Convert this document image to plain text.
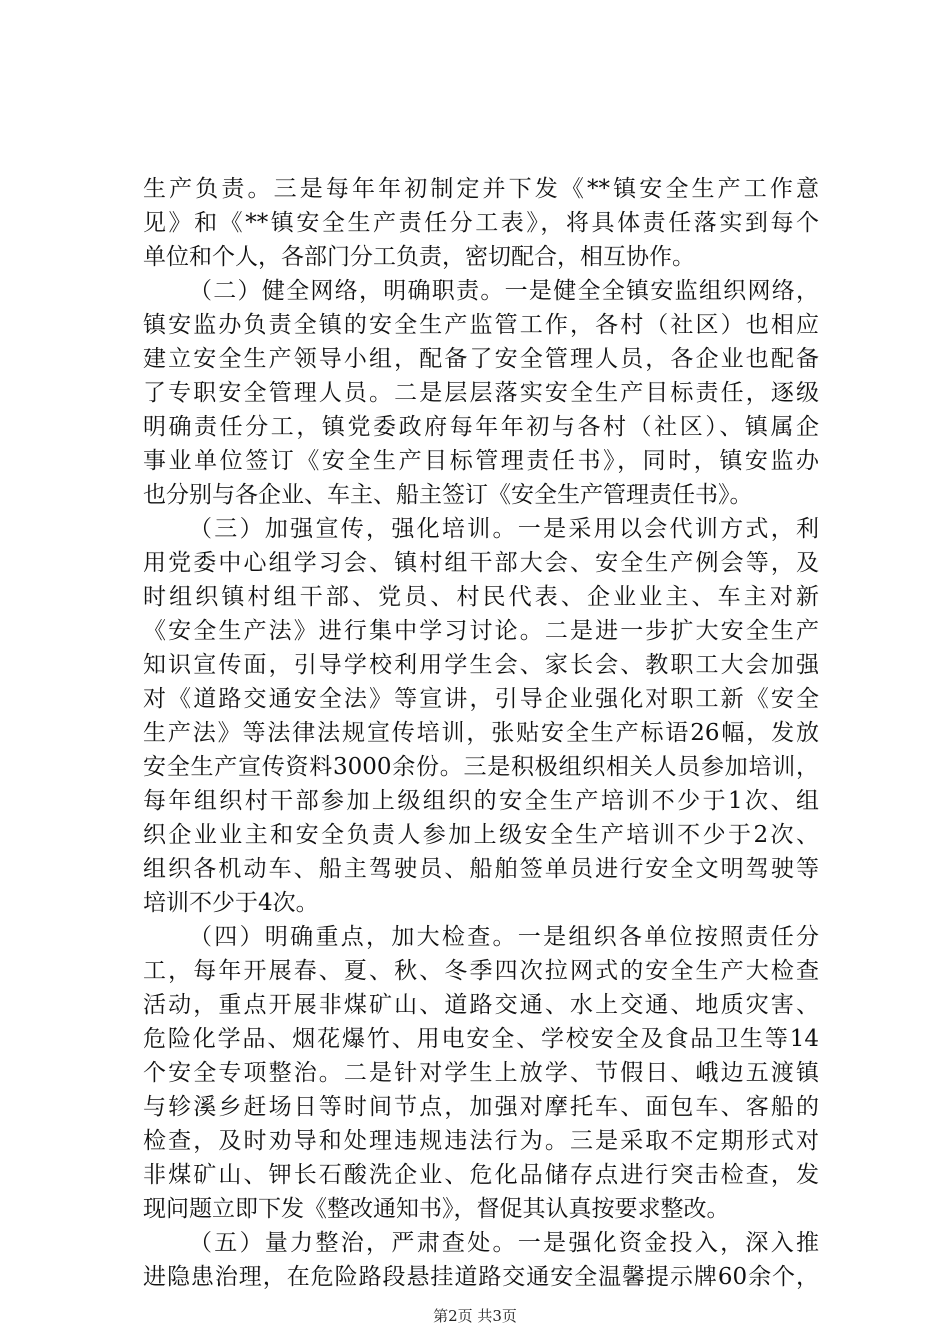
生产负责。三是每年年初制定并下发《**镇安全生产工作意
见》和《**镇安全生产责任分工表》，将具体责任落实到每个
单位和个人，各部门分工负责，密切配合，相互协作。
（二）健全网络，明确职责。一是健全全镇安监组织网络，
镇安监办负责全镇的安全生产监管工作，各村（社区）也相应
建立安全生产领导小组，配备了安全管理人员，各企业也配备
了专职安全管理人员。二是层层落实安全生产目标责任，逐级
明确责任分工，镇党委政府每年年初与各村（社区）、镇属企
事业单位签订《安全生产目标管理责任书》，同时，镇安监办
也分别与各企业、车主、船主签订《安全生产管理责任书》。
（三）加强宣传，强化培训。一是采用以会代训方式，利
用党委中心组学习会、镇村组干部大会、安全生产例会等，及
时组织镇村组干部、党员、村民代表、企业业主、车主对新
《安全生产法》进行集中学习讨论。二是进一步扩大安全生产
知识宣传面，引导学校利用学生会、家长会、教职工大会加强
对《道路交通安全法》等宣讲，引导企业强化对职工新《安全
生产法》等法律法规宣传培训，张贴安全生产标语26幅，发放
安全生产宣传资料3000余份。三是积极组织相关人员参加培训，
每年组织村干部参加上级组织的安全生产培训不少于1次、组
织企业业主和安全负责人参加上级安全生产培训不少于2次、
组织各机动车、船主驾驶员、船舶签单员进行安全文明驾驶等
培训不少于4次。
（四）明确重点，加大检查。一是组织各单位按照责任分
工，每年开展春、夏、秋、冬季四次拉网式的安全生产大检查
活动，重点开展非煤矿山、道路交通、水上交通、地质灾害、
危险化学品、烟花爆竹、用电安全、学校安全及食品卫生等14
个安全专项整治。二是针对学生上放学、节假日、峨边五渡镇
与轸溪乡赶场日等时间节点，加强对摩托车、面包车、客船的
检查，及时劝导和处理违规违法行为。三是采取不定期形式对
非煤矿山、钾长石酸洗企业、危化品储存点进行突击检查，发
现问题立即下发《整改通知书》，督促其认真按要求整改。
（五）量力整治，严肃查处。一是强化资金投入，深入推
进隐患治理，在危险路段悬挂道路交通安全温馨提示牌60余个，
第2页 共3页
